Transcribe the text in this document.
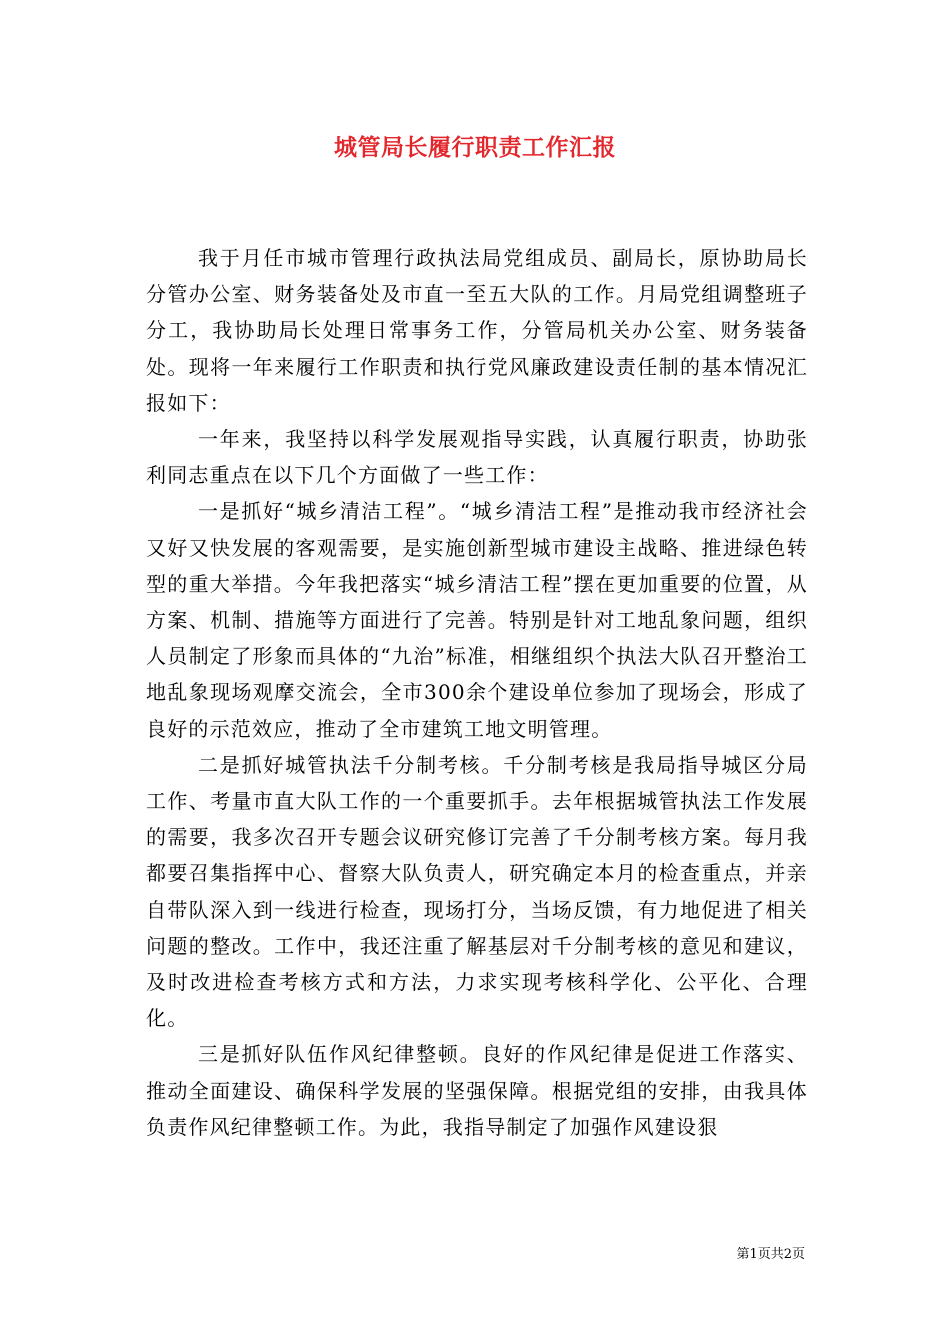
城管局长履行职责工作汇报

我于月任市城市管理行政执法局党组成员、副局长，原协助局长分管办公室、财务装备处及市直一至五大队的工作。月局党组调整班子分工，我协助局长处理日常事务工作，分管局机关办公室、财务装备处。现将一年来履行工作职责和执行党风廉政建设责任制的基本情况汇报如下：

一年来，我坚持以科学发展观指导实践，认真履行职责，协助张利同志重点在以下几个方面做了一些工作：

一是抓好“城乡清洁工程”。“城乡清洁工程”是推动我市经济社会又好又快发展的客观需要，是实施创新型城市建设主战略、推进绿色转型的重大举措。今年我把落实“城乡清洁工程”摆在更加重要的位置，从方案、机制、措施等方面进行了完善。特别是针对工地乱象问题，组织人员制定了形象而具体的“九治”标准，相继组织个执法大队召开整治工地乱象现场观摩交流会，全市300余个建设单位参加了现场会，形成了良好的示范效应，推动了全市建筑工地文明管理。

二是抓好城管执法千分制考核。千分制考核是我局指导城区分局工作、考量市直大队工作的一个重要抓手。去年根据城管执法工作发展的需要，我多次召开专题会议研究修订完善了千分制考核方案。每月我都要召集指挥中心、督察大队负责人，研究确定本月的检查重点，并亲自带队深入到一线进行检查，现场打分，当场反馈，有力地促进了相关问题的整改。工作中，我还注重了解基层对千分制考核的意见和建议，及时改进检查考核方式和方法，力求实现考核科学化、公平化、合理化。

三是抓好队伍作风纪律整顿。良好的作风纪律是促进工作落实、推动全面建设、确保科学发展的坚强保障。根据党组的安排，由我具体负责作风纪律整顿工作。为此，我指导制定了加强作风建设狠

第1页共2页
